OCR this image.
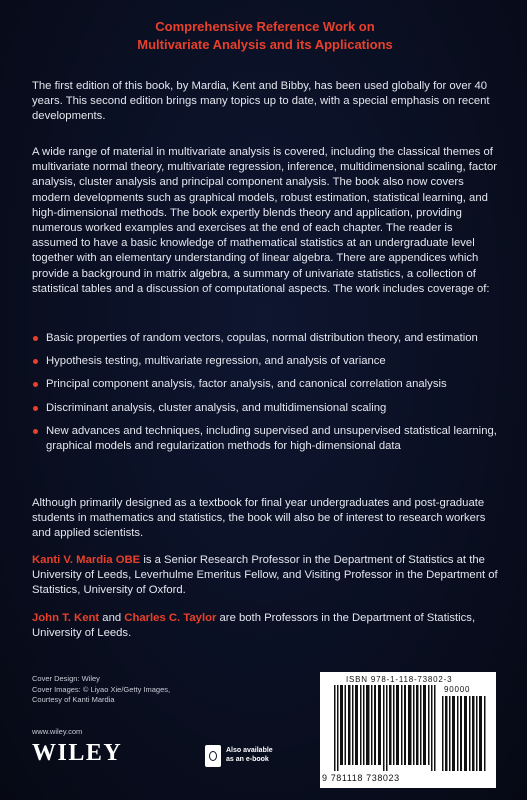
Comprehensive Reference Work on
Multivariate Analysis and its Applications

The first edition of this book, by Mardia, Kent and Bibby, has been used globally for over 40 years. This second edition brings many topics up to date, with a special emphasis on recent developments.

A wide range of material in multivariate analysis is covered, including the classical themes of multivariate normal theory, multivariate regression, inference, multidimensional scaling, factor analysis, cluster analysis and principal component analysis. The book also now covers modern developments such as graphical models, robust estimation, statistical learning, and high-dimensional methods. The book expertly blends theory and application, providing numerous worked examples and exercises at the end of each chapter. The reader is assumed to have a basic knowledge of mathematical statistics at an undergraduate level together with an elementary understanding of linear algebra. There are appendices which provide a background in matrix algebra, a summary of univariate statistics, a collection of statistical tables and a discussion of computational aspects. The work includes coverage of:

Basic properties of random vectors, copulas, normal distribution theory, and estimation
Hypothesis testing, multivariate regression, and analysis of variance
Principal component analysis, factor analysis, and canonical correlation analysis
Discriminant analysis, cluster analysis, and multidimensional scaling
New advances and techniques, including supervised and unsupervised statistical learning, graphical models and regularization methods for high-dimensional data

Although primarily designed as a textbook for final year undergraduates and post-graduate students in mathematics and statistics, the book will also be of interest to research workers and applied scientists.

Kanti V. Mardia OBE is a Senior Research Professor in the Department of Statistics at the University of Leeds, Leverhulme Emeritus Fellow, and Visiting Professor in the Department of Statistics, University of Oxford.

John T. Kent and Charles C. Taylor are both Professors in the Department of Statistics, University of Leeds.

Cover Design: Wiley
Cover Images: © Liyao Xie/Getty Images,
Courtesy of Kanti Mardia
www.wiley.com
WILEY	Also available
as an e-book
ISBN 978-1-118-73802-3
90000
9 781118 738023
